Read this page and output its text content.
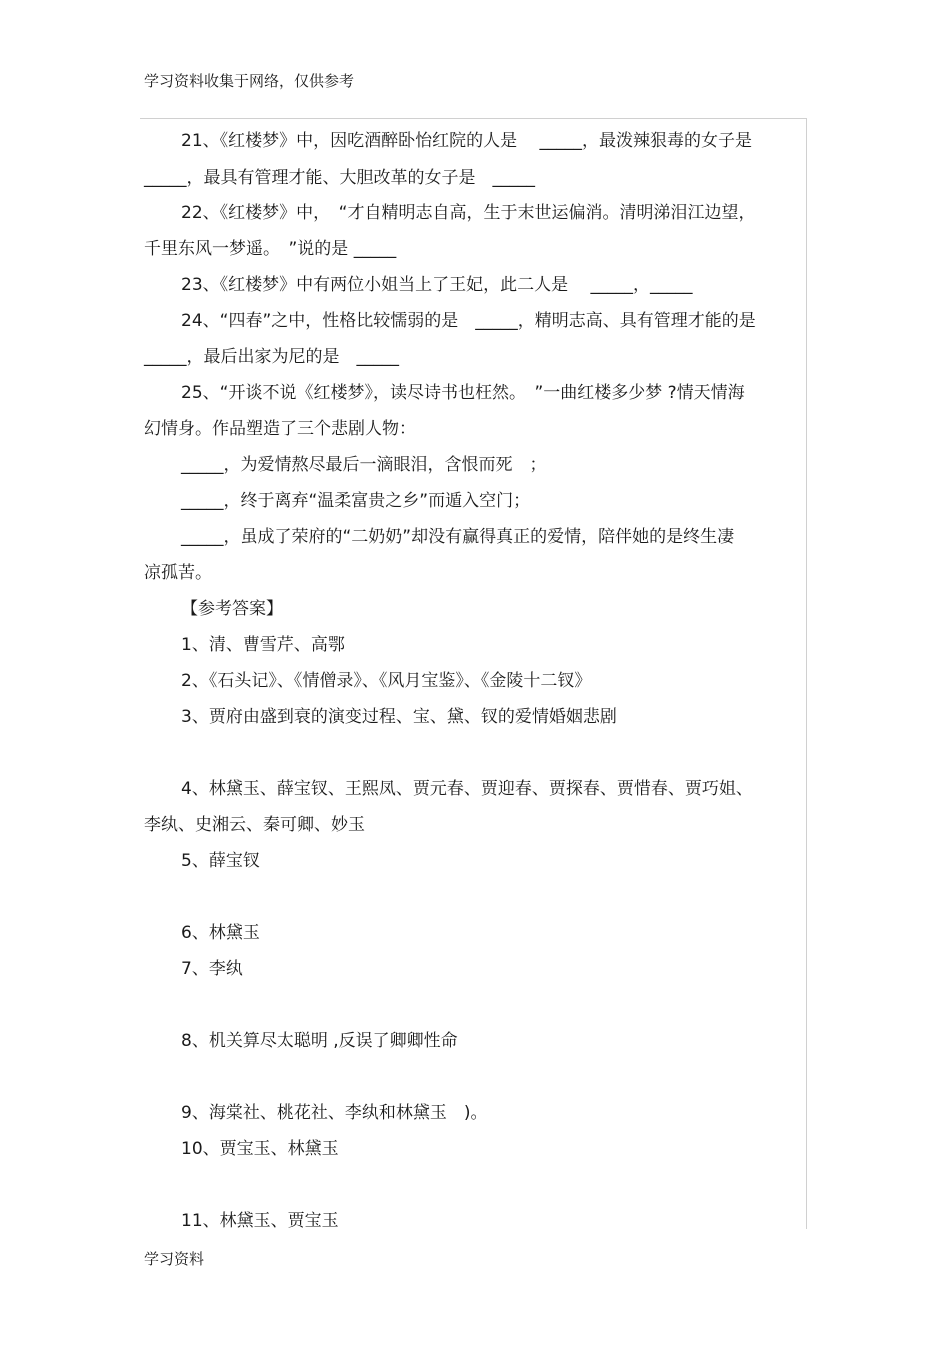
学习资料收集于网络，仅供参考
21、《红楼梦》中，因吃酒醉卧怡红院的人是　 _____，最泼辣狠毒的女子是
_____，最具有管理才能、大胆改革的女子是　_____
22、《红楼梦》中，　“才自精明志自高，生于末世运偏消。清明涕泪江边望，
千里东风一梦遥。　”说的是 _____
23、《红楼梦》中有两位小姐当上了王妃，此二人是　 _____，_____
24、“四春”之中，性格比较懦弱的是　_____，精明志高、具有管理才能的是
_____，最后出家为尼的是　_____
25、“开谈不说《红楼梦》，读尽诗书也枉然。　”一曲红楼多少梦 ?情天情海
幻情身。作品塑造了三个悲剧人物：
_____，为爱情熬尽最后一滴眼泪，含恨而死　；
_____，终于离弃“温柔富贵之乡”而遁入空门；
_____，虽成了荣府的“二奶奶”却没有赢得真正的爱情，陪伴她的是终生凄
凉孤苦。
【参考答案】
1、清、曹雪芹、高鄂
2、《石头记》、《情僧录》、《风月宝鉴》、《金陵十二钗》
3、贾府由盛到衰的演变过程、宝、黛、钗的爱情婚姻悲剧
4、林黛玉、薛宝钗、王熙凤、贾元春、贾迎春、贾探春、贾惜春、贾巧姐、
李纨、史湘云、秦可卿、妙玉
5、薛宝钗
6、林黛玉
7、李纨
8、机关算尽太聪明 ,反误了卿卿性命
9、海棠社、桃花社、李纨和林黛玉　)。
10、贾宝玉、林黛玉
11、林黛玉、贾宝玉
学习资料
